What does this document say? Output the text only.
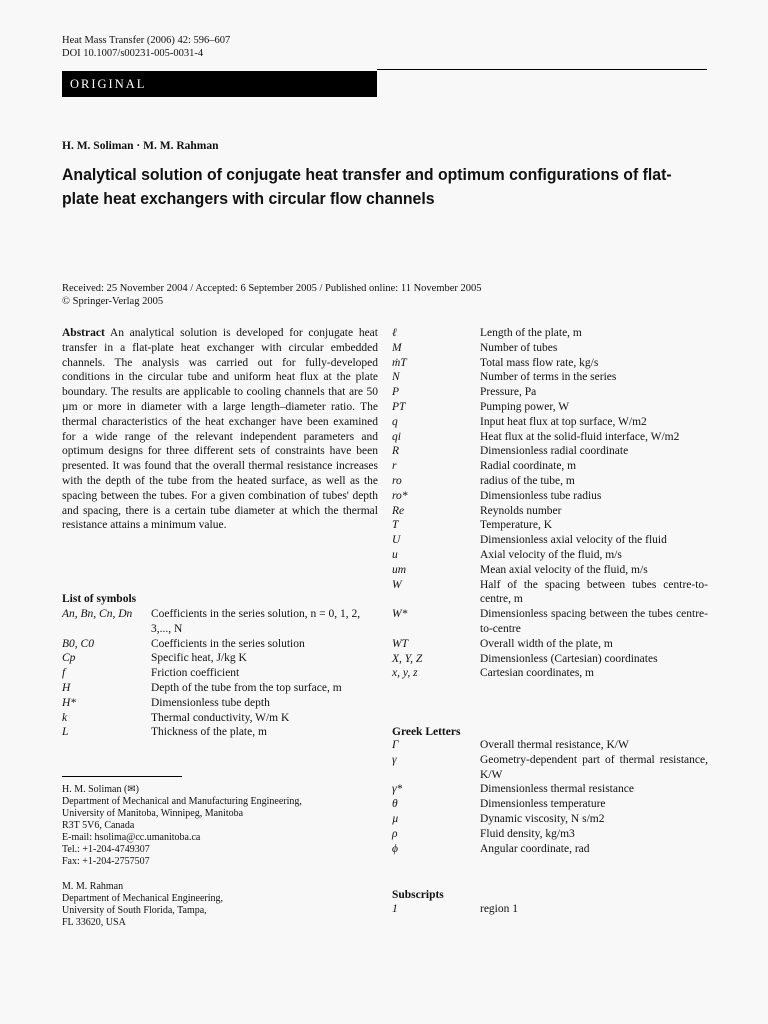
Heat Mass Transfer (2006) 42: 596–607
DOI 10.1007/s00231-005-0031-4
ORIGINAL
H. M. Soliman · M. M. Rahman
Analytical solution of conjugate heat transfer and optimum configurations of flat-plate heat exchangers with circular flow channels
Received: 25 November 2004 / Accepted: 6 September 2005 / Published online: 11 November 2005
© Springer-Verlag 2005
Abstract An analytical solution is developed for conjugate heat transfer in a flat-plate heat exchanger with circular embedded channels. The analysis was carried out for fully-developed conditions in the circular tube and uniform heat flux at the plate boundary. The results are applicable to cooling channels that are 50 µm or more in diameter with a large length–diameter ratio. The thermal characteristics of the heat exchanger have been examined for a wide range of the relevant independent parameters and optimum designs for three different sets of constraints have been presented. It was found that the overall thermal resistance increases with the depth of the tube from the heated surface, as well as the spacing between the tubes. For a given combination of tubes' depth and spacing, there is a certain tube diameter at which the thermal resistance attains a minimum value.
List of symbols
An, Bn, Cn, Dn	Coefficients in the series solution, n = 0, 1, 2, 3,..., N
B0, C0	Coefficients in the series solution
Cp	Specific heat, J/kg K
f	Friction coefficient
H	Depth of the tube from the top surface, m
H*	Dimensionless tube depth
k	Thermal conductivity, W/m K
L	Thickness of the plate, m
H. M. Soliman (✉)
Department of Mechanical and Manufacturing Engineering,
University of Manitoba, Winnipeg, Manitoba
R3T 5V6, Canada
E-mail: hsolima@cc.umanitoba.ca
Tel.: +1-204-4749307
Fax: +1-204-2757507
M. M. Rahman
Department of Mechanical Engineering,
University of South Florida, Tampa,
FL 33620, USA
ℓ	Length of the plate, m
M	Number of tubes
ṁT	Total mass flow rate, kg/s
N	Number of terms in the series
P	Pressure, Pa
PT	Pumping power, W
q	Input heat flux at top surface, W/m2
qi	Heat flux at the solid-fluid interface, W/m2
R	Dimensionless radial coordinate
r	Radial coordinate, m
ro	radius of the tube, m
ro*	Dimensionless tube radius
Re	Reynolds number
T	Temperature, K
U	Dimensionless axial velocity of the fluid
u	Axial velocity of the fluid, m/s
um	Mean axial velocity of the fluid, m/s
W	Half of the spacing between tubes centre-to-centre, m
W*	Dimensionless spacing between the tubes centre-to-centre
WT	Overall width of the plate, m
X, Y, Z	Dimensionless (Cartesian) coordinates
x, y, z	Cartesian coordinates, m
Greek Letters
Γ	Overall thermal resistance, K/W
γ	Geometry-dependent part of thermal resistance, K/W
γ*	Dimensionless thermal resistance
θ	Dimensionless temperature
µ	Dynamic viscosity, N s/m2
ρ	Fluid density, kg/m3
ϕ	Angular coordinate, rad
Subscripts
1	region 1
